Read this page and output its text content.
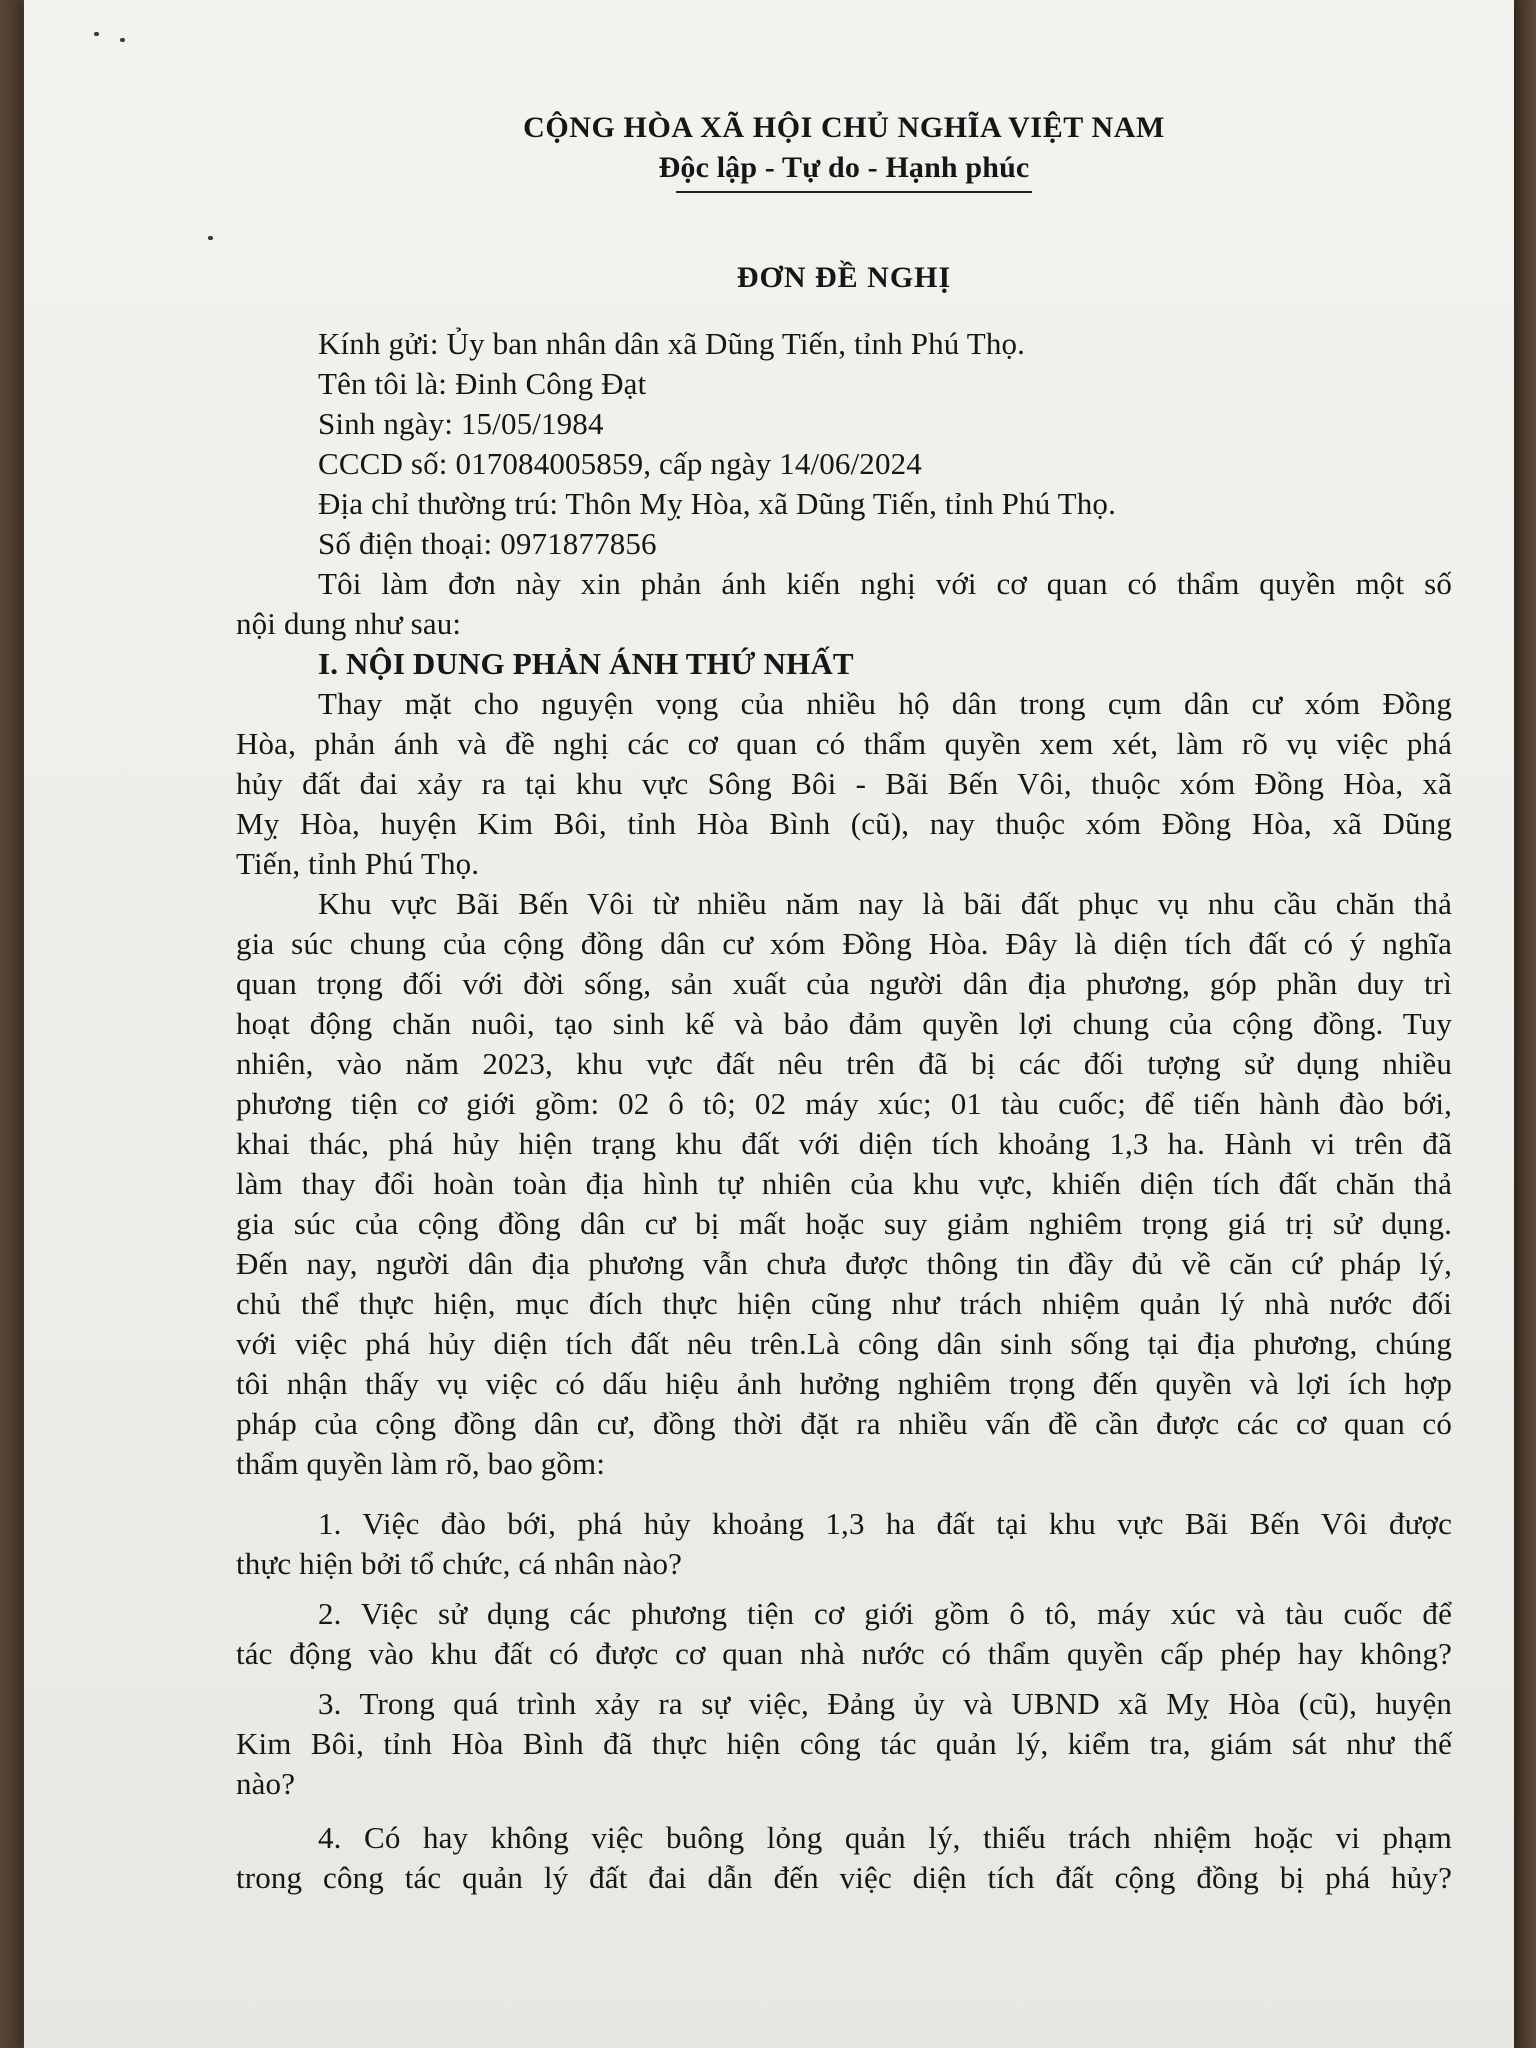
CỘNG HÒA XÃ HỘI CHỦ NGHĨA VIỆT NAM

Độc lập - Tự do - Hạnh phúc

ĐƠN ĐỀ NGHỊ

Kính gửi: Ủy ban nhân dân xã Dũng Tiến, tỉnh Phú Thọ.

Tên tôi là: Đinh Công Đạt

Sinh ngày: 15/05/1984

CCCD số: 017084005859, cấp ngày 14/06/2024

Địa chỉ thường trú: Thôn Mỵ Hòa, xã Dũng Tiến, tỉnh Phú Thọ.

Số điện thoại: 0971877856

Tôi làm đơn này xin phản ánh kiến nghị với cơ quan có thẩm quyền một số

nội dung như sau:

I. NỘI DUNG PHẢN ÁNH THỨ NHẤT

Thay mặt cho nguyện vọng của nhiều hộ dân trong cụm dân cư xóm Đồng

Hòa, phản ánh và đề nghị các cơ quan có thẩm quyền xem xét, làm rõ vụ việc phá

hủy đất đai xảy ra tại khu vực Sông Bôi - Bãi Bến Vôi, thuộc xóm Đồng Hòa, xã

Mỵ Hòa, huyện Kim Bôi, tỉnh Hòa Bình (cũ), nay thuộc xóm Đồng Hòa, xã Dũng

Tiến, tỉnh Phú Thọ.

Khu vực Bãi Bến Vôi từ nhiều năm nay là bãi đất phục vụ nhu cầu chăn thả

gia súc chung của cộng đồng dân cư xóm Đồng Hòa. Đây là diện tích đất có ý nghĩa

quan trọng đối với đời sống, sản xuất của người dân địa phương, góp phần duy trì

hoạt động chăn nuôi, tạo sinh kế và bảo đảm quyền lợi chung của cộng đồng. Tuy

nhiên, vào năm 2023, khu vực đất nêu trên đã bị các đối tượng sử dụng nhiều

phương tiện cơ giới gồm: 02 ô tô; 02 máy xúc; 01 tàu cuốc; để tiến hành đào bới,

khai thác, phá hủy hiện trạng khu đất với diện tích khoảng 1,3 ha. Hành vi trên đã

làm thay đổi hoàn toàn địa hình tự nhiên của khu vực, khiến diện tích đất chăn thả

gia súc của cộng đồng dân cư bị mất hoặc suy giảm nghiêm trọng giá trị sử dụng.

Đến nay, người dân địa phương vẫn chưa được thông tin đầy đủ về căn cứ pháp lý,

chủ thể thực hiện, mục đích thực hiện cũng như trách nhiệm quản lý nhà nước đối

với việc phá hủy diện tích đất nêu trên.Là công dân sinh sống tại địa phương, chúng

tôi nhận thấy vụ việc có dấu hiệu ảnh hưởng nghiêm trọng đến quyền và lợi ích hợp

pháp của cộng đồng dân cư, đồng thời đặt ra nhiều vấn đề cần được các cơ quan có

thẩm quyền làm rõ, bao gồm:

1. Việc đào bới, phá hủy khoảng 1,3 ha đất tại khu vực Bãi Bến Vôi được

thực hiện bởi tổ chức, cá nhân nào?

2. Việc sử dụng các phương tiện cơ giới gồm ô tô, máy xúc và tàu cuốc để

tác động vào khu đất có được cơ quan nhà nước có thẩm quyền cấp phép hay không?

3. Trong quá trình xảy ra sự việc, Đảng ủy và UBND xã Mỵ Hòa (cũ), huyện

Kim Bôi, tỉnh Hòa Bình đã thực hiện công tác quản lý, kiểm tra, giám sát như thế

nào?

4. Có hay không việc buông lỏng quản lý, thiếu trách nhiệm hoặc vi phạm

trong công tác quản lý đất đai dẫn đến việc diện tích đất cộng đồng bị phá hủy?
